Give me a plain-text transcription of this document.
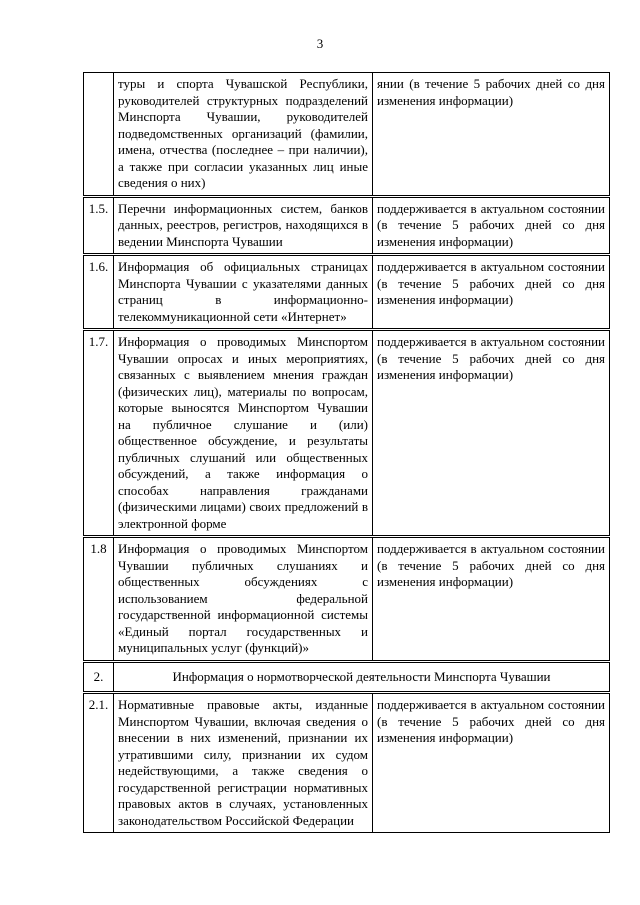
3
	туры и спорта Чувашской Республики, руководителей структурных подразделений Минспорта Чувашии, руководителей подведомственных организаций (фамилии, имена, отчества (последнее – при наличии), а также при согласии указанных лиц иные сведения о них)	янии (в течение 5 рабочих дней со дня изменения информации)
1.5.	Перечни информационных систем, банков данных, реестров, регистров, находящихся в ведении Минспорта Чувашии	поддерживается в актуальном состоянии (в течение 5 рабочих дней со дня изменения информации)
1.6.	Информация об официальных страницах Минспорта Чувашии с указателями данных страниц в информационно-телекоммуникационной сети «Интернет»	поддерживается в актуальном состоянии (в течение 5 рабочих дней со дня изменения информации)
1.7.	Информация о проводимых Минспортом Чувашии опросах и иных мероприятиях, связанных с выявлением мнения граждан (физических лиц), материалы по вопросам, которые выносятся Минспортом Чувашии на публичное слушание и (или) общественное обсуждение, и результаты публичных слушаний или общественных обсуждений, а также информация о способах направления гражданами (физическими лицами) своих предложений в электронной форме	поддерживается в актуальном состоянии (в течение 5 рабочих дней со дня изменения информации)
1.8	Информация о проводимых Минспортом Чувашии публичных слушаниях и общественных обсуждениях с использованием федеральной государственной информационной системы «Единый портал государственных и муниципальных услуг (функций)»	поддерживается в актуальном состоянии (в течение 5 рабочих дней со дня изменения информации)
2.	Информация о нормотворческой деятельности Минспорта Чувашии	
2.1.	Нормативные правовые акты, изданные Минспортом Чувашии, включая сведения о внесении в них изменений, признании их утратившими силу, признании их судом недействующими, а также сведения о государственной регистрации нормативных правовых актов в случаях, установленных законодательством Российской Федерации	поддерживается в актуальном состоянии (в течение 5 рабочих дней со дня изменения информации)
